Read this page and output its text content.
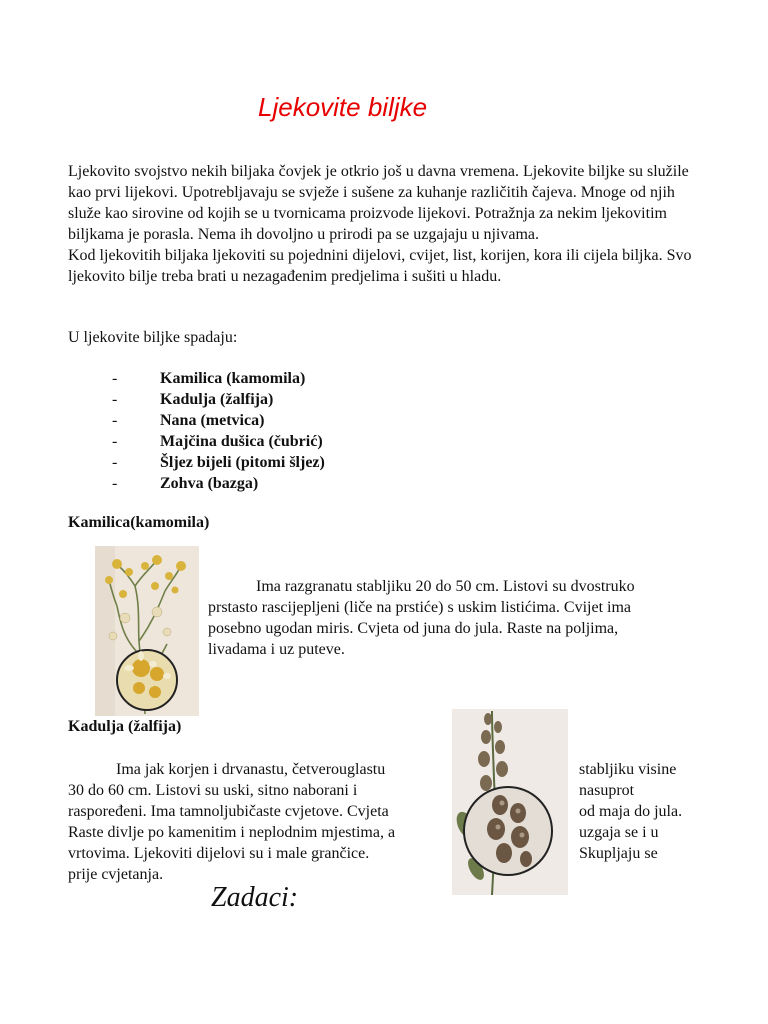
Ljekovite biljke

Ljekovito svojstvo nekih biljaka čovjek je otkrio još u davna vremena. Ljekovite biljke su služile kao prvi lijekovi. Upotrebljavaju se svježe i sušene za kuhanje različitih čajeva. Mnoge od njih služe kao sirovine od kojih se u tvornicama proizvode lijekovi. Potražnja za nekim ljekovitim biljkama je porasla. Nema ih dovoljno u prirodi pa se uzgajaju u njivama.

Kod ljekovitih biljaka ljekoviti su pojednini dijelovi, cvijet, list, korijen, kora ili cijela biljka. Svo ljekovito bilje treba brati u nezagađenim predjelima i sušiti u hladu.

U ljekovite biljke spadaju:
-	Kamilica (kamomila)
-	Kadulja (žalfija)
-	Nana (metvica)
-	Majčina dušica (čubrić)
-	Šljez bijeli (pitomi šljez)
-	Zohva (bazga)
Kamilica(kamomila)

Ima razgranatu stabljiku 20 do 50 cm. Listovi su dvostruko prstasto rascijepljeni (liče na prstiće) s uskim listićima. Cvijet ima posebno ugodan miris. Cvjeta od juna do jula. Raste na poljima, livadama i uz puteve.

Kadulja (žalfija)

Ima jak korjen i drvanastu, četverouglastu

30 do 60 cm. Listovi su uski, sitno naborani i

raspoređeni. Ima tamnoljubičaste cvjetove. Cvjeta

Raste divlje po kamenitim i neplodnim mjestima, a

vrtovima. Ljekoviti dijelovi su i male grančice.

prije cvjetanja.

stabljiku visine

nasuprot

od maja do jula.

uzgaja se i u

Skupljaju se

Zadaci:
